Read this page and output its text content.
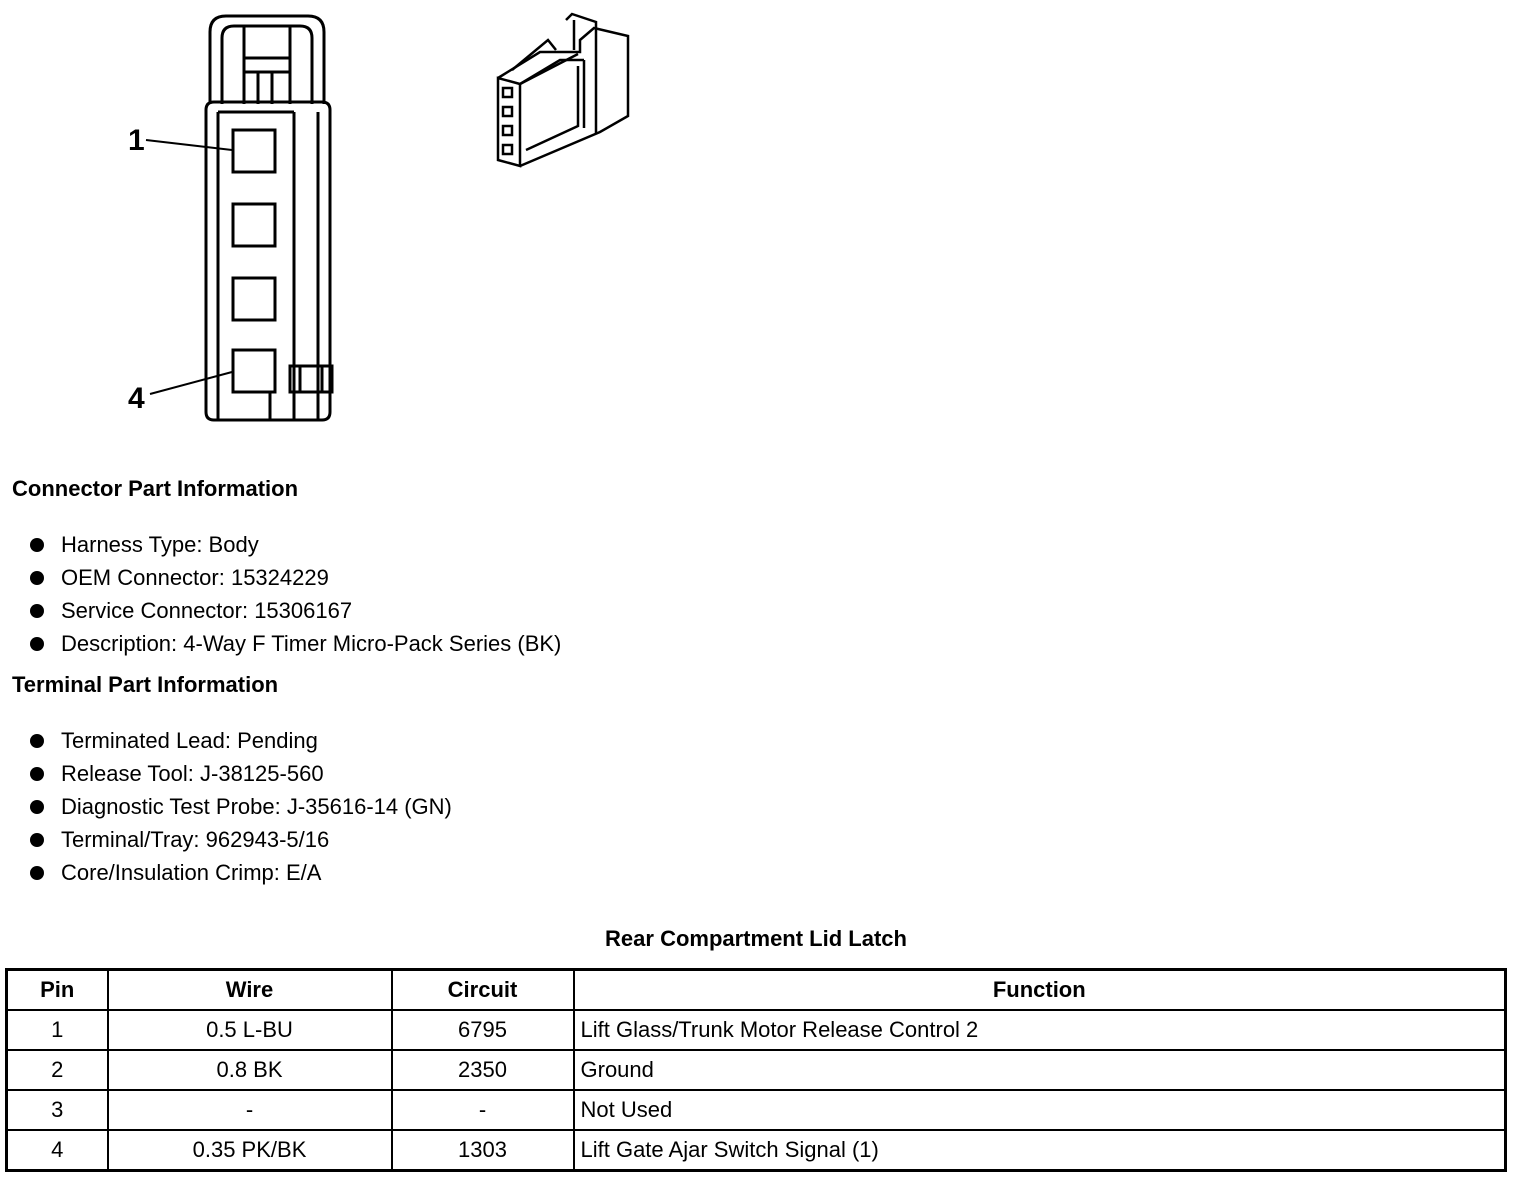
1
4
Connector Part Information
Harness Type: Body
OEM Connector: 15324229
Service Connector: 15306167
Description: 4-Way F Timer Micro-Pack Series (BK)
Terminal Part Information
Terminated Lead: Pending
Release Tool: J-38125-560
Diagnostic Test Probe: J-35616-14 (GN)
Terminal/Tray: 962943-5/16
Core/Insulation Crimp: E/A
Rear Compartment Lid Latch
Pin	Wire	Circuit	Function
1	0.5 L-BU	6795	Lift Glass/Trunk Motor Release Control 2
2	0.8 BK	2350	Ground
3	-	-	Not Used
4	0.35 PK/BK	1303	Lift Gate Ajar Switch Signal (1)
